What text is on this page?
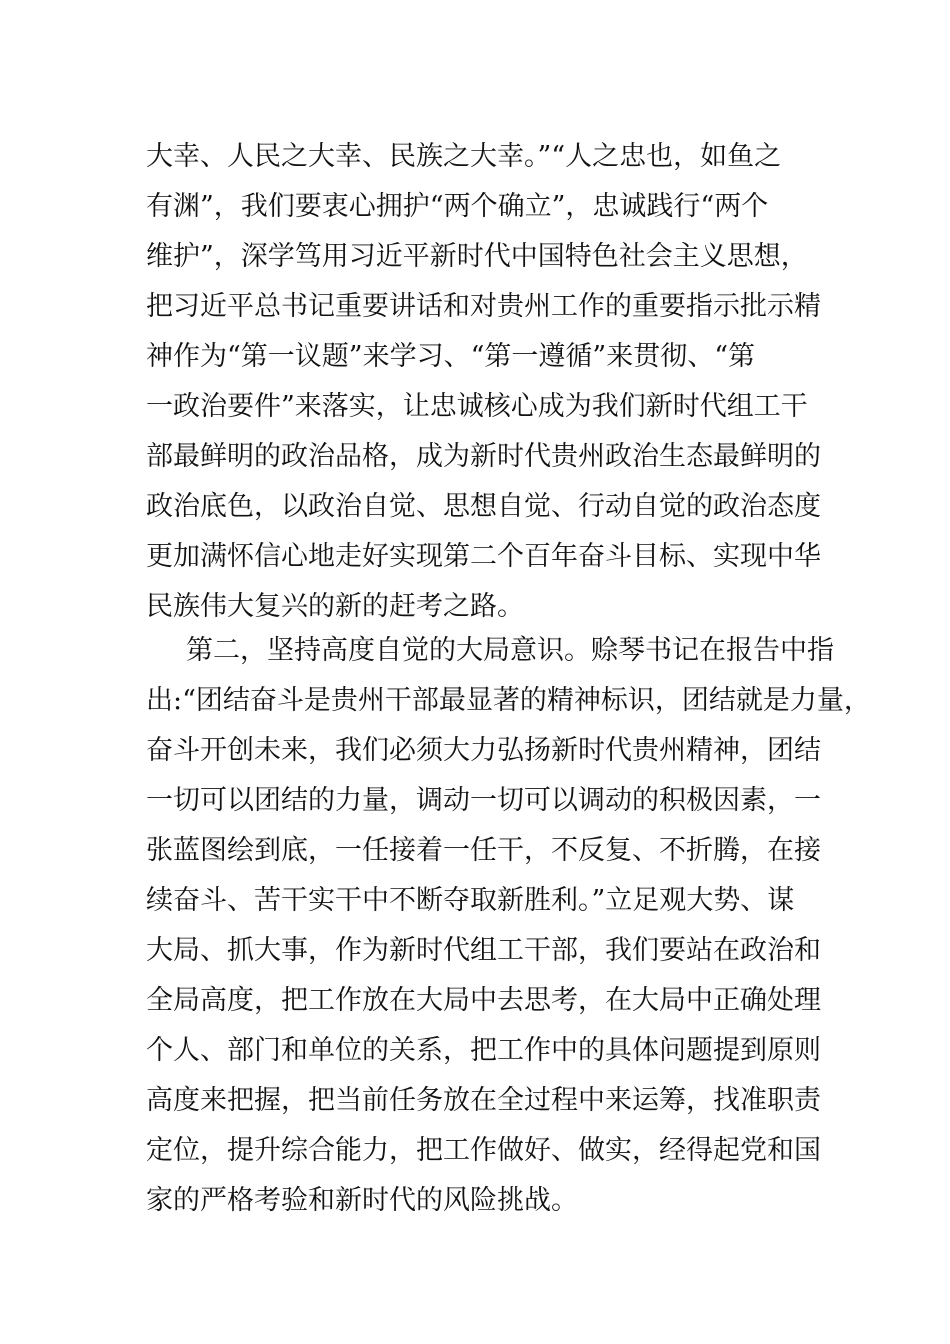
大幸、人民之大幸、民族之大幸。”“人之忠也，如鱼之
有渊”，我们要衷心拥护“两个确立”，忠诚践行“两个
维护”，深学笃用习近平新时代中国特色社会主义思想，
把习近平总书记重要讲话和对贵州工作的重要指示批示精
神作为“第一议题”来学习、“第一遵循”来贯彻、“第
一政治要件”来落实，让忠诚核心成为我们新时代组工干
部最鲜明的政治品格，成为新时代贵州政治生态最鲜明的
政治底色，以政治自觉、思想自觉、行动自觉的政治态度
更加满怀信心地走好实现第二个百年奋斗目标、实现中华
民族伟大复兴的新的赶考之路。
第二，坚持高度自觉的大局意识。赊琴书记在报告中指
出:“团结奋斗是贵州干部最显著的精神标识，团结就是力量，
奋斗开创未来，我们必须大力弘扬新时代贵州精神，团结
一切可以团结的力量，调动一切可以调动的积极因素，一
张蓝图绘到底，一任接着一任干，不反复、不折腾，在接
续奋斗、苦干实干中不断夺取新胜利。”立足观大势、谋
大局、抓大事，作为新时代组工干部，我们要站在政治和
全局高度，把工作放在大局中去思考，在大局中正确处理
个人、部门和单位的关系，把工作中的具体问题提到原则
高度来把握，把当前任务放在全过程中来运筹，找准职责
定位，提升综合能力，把工作做好、做实，经得起党和国
家的严格考验和新时代的风险挑战。
